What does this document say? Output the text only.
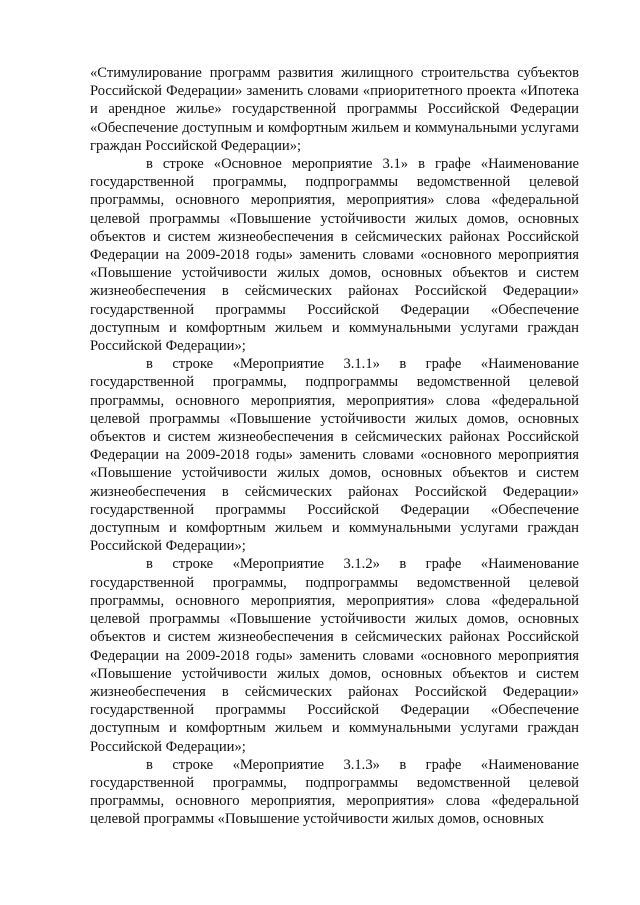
«Стимулирование программ развития жилищного строительства субъектов Российской Федерации» заменить словами «приоритетного проекта «Ипотека и арендное жилье» государственной программы Российской Федерации «Обеспечение доступным и комфортным жильем и коммунальными услугами граждан Российской Федерации»;

в строке «Основное мероприятие 3.1» в графе «Наименование государственной программы, подпрограммы ведомственной целевой программы, основного мероприятия, мероприятия» слова «федеральной целевой программы «Повышение устойчивости жилых домов, основных объектов и систем жизнеобеспечения в сейсмических районах Российской Федерации на 2009-2018 годы» заменить словами «основного мероприятия «Повышение устойчивости жилых домов, основных объектов и систем жизнеобеспечения в сейсмических районах Российской Федерации» государственной программы Российской Федерации «Обеспечение доступным и комфортным жильем и коммунальными услугами граждан Российской Федерации»;

в строке «Мероприятие 3.1.1» в графе «Наименование государственной программы, подпрограммы ведомственной целевой программы, основного мероприятия, мероприятия» слова «федеральной целевой программы «Повышение устойчивости жилых домов, основных объектов и систем жизнеобеспечения в сейсмических районах Российской Федерации на 2009-2018 годы» заменить словами «основного мероприятия «Повышение устойчивости жилых домов, основных объектов и систем жизнеобеспечения в сейсмических районах Российской Федерации» государственной программы Российской Федерации «Обеспечение доступным и комфортным жильем и коммунальными услугами граждан Российской Федерации»;

в строке «Мероприятие 3.1.2» в графе «Наименование государственной программы, подпрограммы ведомственной целевой программы, основного мероприятия, мероприятия» слова «федеральной целевой программы «Повышение устойчивости жилых домов, основных объектов и систем жизнеобеспечения в сейсмических районах Российской Федерации на 2009-2018 годы» заменить словами «основного мероприятия «Повышение устойчивости жилых домов, основных объектов и систем жизнеобеспечения в сейсмических районах Российской Федерации» государственной программы Российской Федерации «Обеспечение доступным и комфортным жильем и коммунальными услугами граждан Российской Федерации»;

в строке «Мероприятие 3.1.3» в графе «Наименование государственной программы, подпрограммы ведомственной целевой программы, основного мероприятия, мероприятия» слова «федеральной целевой программы «Повышение устойчивости жилых домов, основных
